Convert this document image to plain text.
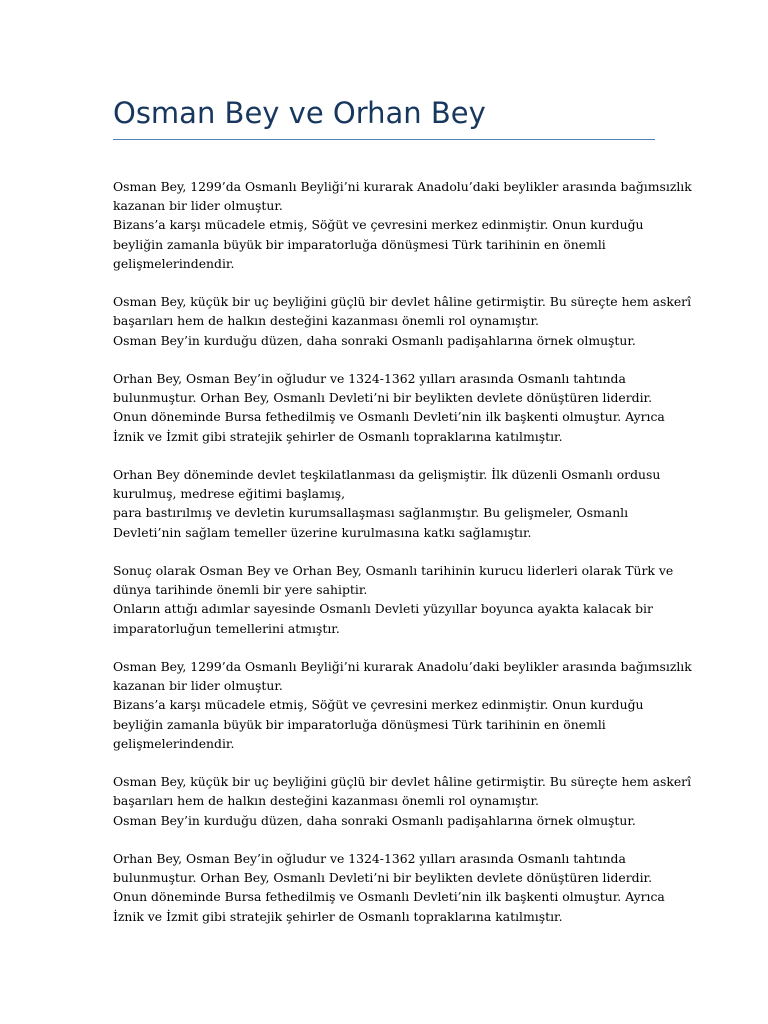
Osman Bey ve Orhan Bey

Osman Bey, 1299’da Osmanlı Beyliği’ni kurarak Anadolu’daki beylikler arasında bağımsızlık
kazanan bir lider olmuştur.
Bizans’a karşı mücadele etmiş, Söğüt ve çevresini merkez edinmiştir. Onun kurduğu
beyliğin zamanla büyük bir imparatorluğa dönüşmesi Türk tarihinin en önemli
gelişmelerindendir.

Osman Bey, küçük bir uç beyliğini güçlü bir devlet hâline getirmiştir. Bu süreçte hem askerî
başarıları hem de halkın desteğini kazanması önemli rol oynamıştır.
Osman Bey’in kurduğu düzen, daha sonraki Osmanlı padişahlarına örnek olmuştur.

Orhan Bey, Osman Bey’in oğludur ve 1324-1362 yılları arasında Osmanlı tahtında
bulunmuştur. Orhan Bey, Osmanlı Devleti’ni bir beylikten devlete dönüştüren liderdir.
Onun döneminde Bursa fethedilmiş ve Osmanlı Devleti’nin ilk başkenti olmuştur. Ayrıca
İznik ve İzmit gibi stratejik şehirler de Osmanlı topraklarına katılmıştır.

Orhan Bey döneminde devlet teşkilatlanması da gelişmiştir. İlk düzenli Osmanlı ordusu
kurulmuş, medrese eğitimi başlamış,
para bastırılmış ve devletin kurumsallaşması sağlanmıştır. Bu gelişmeler, Osmanlı
Devleti’nin sağlam temeller üzerine kurulmasına katkı sağlamıştır.

Sonuç olarak Osman Bey ve Orhan Bey, Osmanlı tarihinin kurucu liderleri olarak Türk ve
dünya tarihinde önemli bir yere sahiptir.
Onların attığı adımlar sayesinde Osmanlı Devleti yüzyıllar boyunca ayakta kalacak bir
imparatorluğun temellerini atmıştır.

Osman Bey, 1299’da Osmanlı Beyliği’ni kurarak Anadolu’daki beylikler arasında bağımsızlık
kazanan bir lider olmuştur.
Bizans’a karşı mücadele etmiş, Söğüt ve çevresini merkez edinmiştir. Onun kurduğu
beyliğin zamanla büyük bir imparatorluğa dönüşmesi Türk tarihinin en önemli
gelişmelerindendir.

Osman Bey, küçük bir uç beyliğini güçlü bir devlet hâline getirmiştir. Bu süreçte hem askerî
başarıları hem de halkın desteğini kazanması önemli rol oynamıştır.
Osman Bey’in kurduğu düzen, daha sonraki Osmanlı padişahlarına örnek olmuştur.

Orhan Bey, Osman Bey’in oğludur ve 1324-1362 yılları arasında Osmanlı tahtında
bulunmuştur. Orhan Bey, Osmanlı Devleti’ni bir beylikten devlete dönüştüren liderdir.
Onun döneminde Bursa fethedilmiş ve Osmanlı Devleti’nin ilk başkenti olmuştur. Ayrıca
İznik ve İzmit gibi stratejik şehirler de Osmanlı topraklarına katılmıştır.
